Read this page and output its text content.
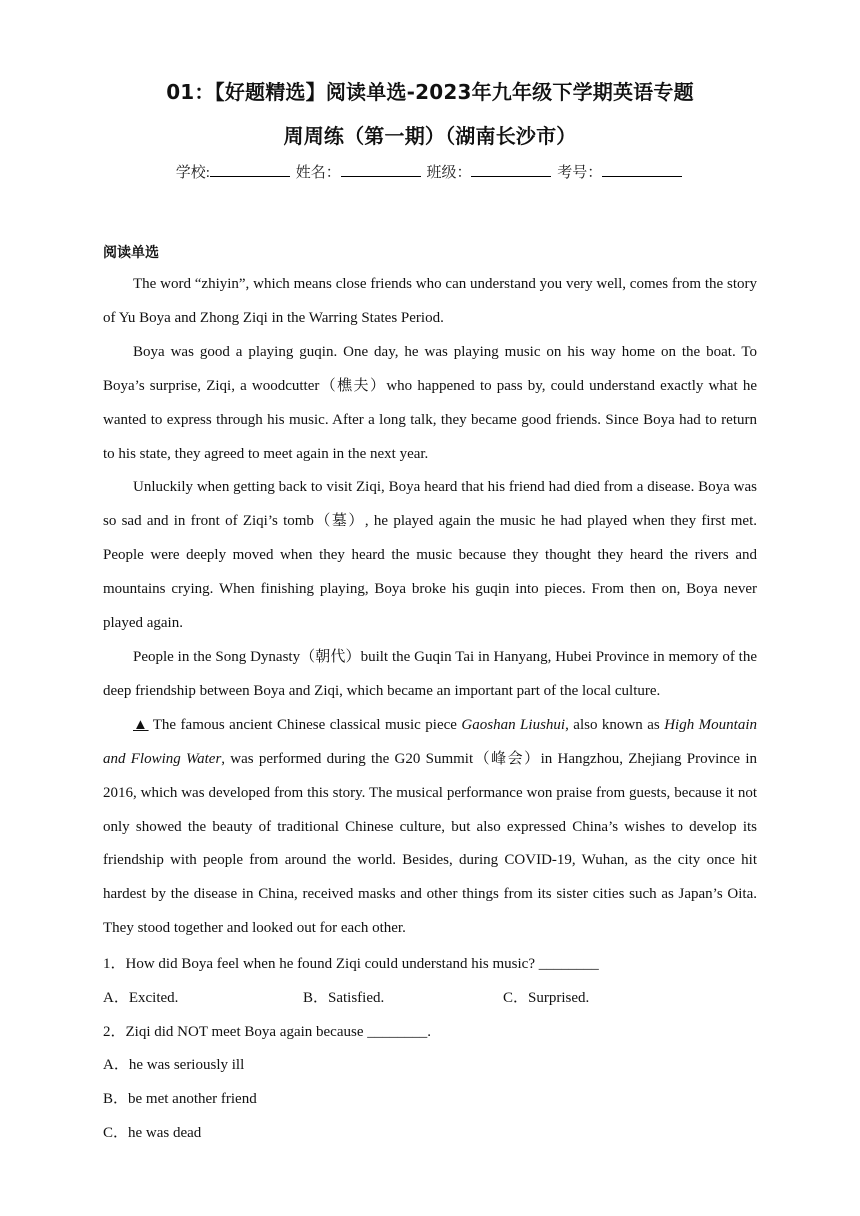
01：【好题精选】阅读单选-2023年九年级下学期英语专题
周周练（第一期）（湖南长沙市）
学校:	姓名：	班级：	考号：
阅读单选

The word “zhiyin”, which means close friends who can understand you very well, comes from the story of Yu Boya and Zhong Ziqi in the Warring States Period.

Boya was good a playing guqin. One day, he was playing music on his way home on the boat. To Boya’s surprise, Ziqi, a woodcutter（樵夫）who happened to pass by, could understand exactly what he wanted to express through his music. After a long talk, they became good friends. Since Boya had to return to his state, they agreed to meet again in the next year.

Unluckily when getting back to visit Ziqi, Boya heard that his friend had died from a disease. Boya was so sad and in front of Ziqi’s tomb（墓）, he played again the music he had played when they first met. People were deeply moved when they heard the music because they thought they heard the rivers and mountains crying. When finishing playing, Boya broke his guqin into pieces. From then on, Boya never played again.

People in the Song Dynasty（朝代）built the Guqin Tai in Hanyang, Hubei Province in memory of the deep friendship between Boya and Ziqi, which became an important part of the local culture.

▲ The famous ancient Chinese classical music piece Gaoshan Liushui, also known as High Mountain and Flowing Water, was performed during the G20 Summit（峰会）in Hangzhou, Zhejiang Province in 2016, which was developed from this story. The musical performance won praise from guests, because it not only showed the beauty of traditional Chinese culture, but also expressed China’s wishes to develop its friendship with people from around the world. Besides, during COVID-19, Wuhan, as the city once hit hardest by the disease in China, received masks and other things from its sister cities such as Japan’s Oita. They stood together and looked out for each other.

1．How did Boya feel when he found Ziqi could understand his music? ________
A．Excited.	B．Satisfied.	C．Surprised.
2．Ziqi did NOT meet Boya again because ________.
A．he was seriously ill
B．be met another friend
C．he was dead
